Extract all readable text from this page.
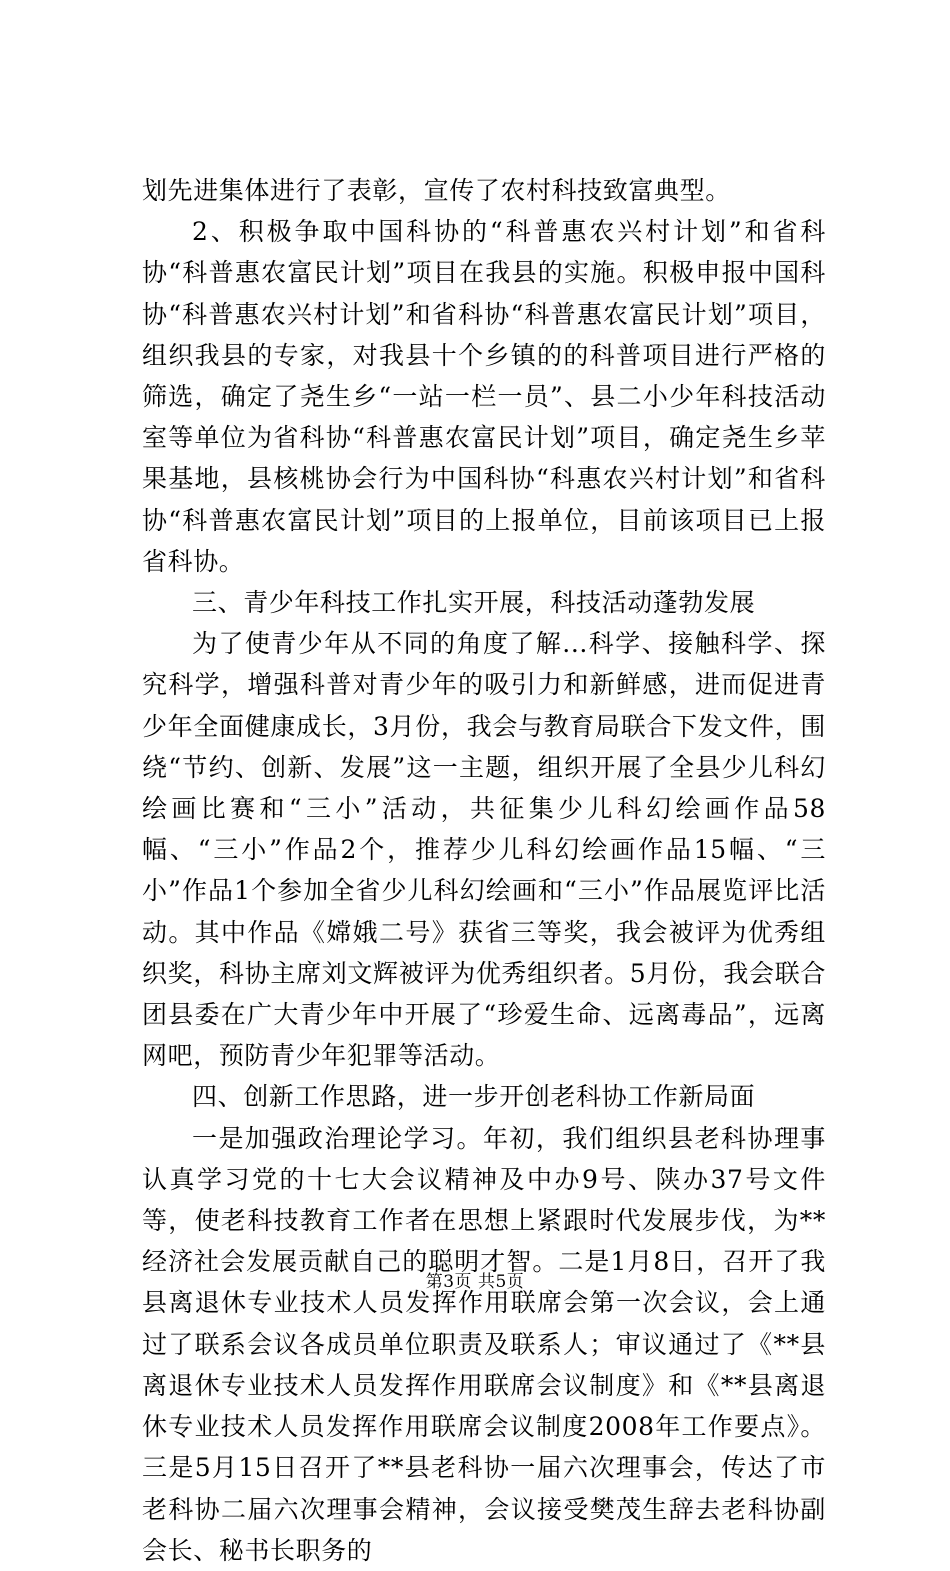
划先进集体进行了表彰，宣传了农村科技致富典型。

2、积极争取中国科协的“科普惠农兴村计划”和省科协“科普惠农富民计划”项目在我县的实施。积极申报中国科协“科普惠农兴村计划”和省科协“科普惠农富民计划”项目，组织我县的专家，对我县十个乡镇的的科普项目进行严格的筛选，确定了尧生乡“一站一栏一员”、县二小少年科技活动室等单位为省科协“科普惠农富民计划”项目，确定尧生乡苹果基地，县核桃协会行为中国科协“科惠农兴村计划”和省科协“科普惠农富民计划”项目的上报单位，目前该项目已上报省科协。

三、青少年科技工作扎实开展，科技活动蓬勃发展

为了使青少年从不同的角度了解...科学、接触科学、探究科学，增强科普对青少年的吸引力和新鲜感，进而促进青少年全面健康成长，3月份，我会与教育局联合下发文件，围绕“节约、创新、发展”这一主题，组织开展了全县少儿科幻绘画比赛和“三小”活动，共征集少儿科幻绘画作品58幅、“三小”作品2个，推荐少儿科幻绘画作品15幅、“三小”作品1个参加全省少儿科幻绘画和“三小”作品展览评比活动。其中作品《嫦娥二号》获省三等奖，我会被评为优秀组织奖，科协主席刘文辉被评为优秀组织者。5月份，我会联合团县委在广大青少年中开展了“珍爱生命、远离毒品”，远离网吧，预防青少年犯罪等活动。

四、创新工作思路，进一步开创老科协工作新局面

一是加强政治理论学习。年初，我们组织县老科协理事认真学习党的十七大会议精神及中办9号、陕办37号文件等，使老科技教育工作者在思想上紧跟时代发展步伐，为**经济社会发展贡献自己的聪明才智。二是1月8日，召开了我县离退休专业技术人员发挥作用联席会第一次会议，会上通过了联系会议各成员单位职责及联系人；审议通过了《**县离退休专业技术人员发挥作用联席会议制度》和《**县离退休专业技术人员发挥作用联席会议制度2008年工作要点》。三是5月15日召开了**县老科协一届六次理事会，传达了市老科协二届六次理事会精神，会议接受樊茂生辞去老科协副会长、秘书长职务的

第3页 共5页
